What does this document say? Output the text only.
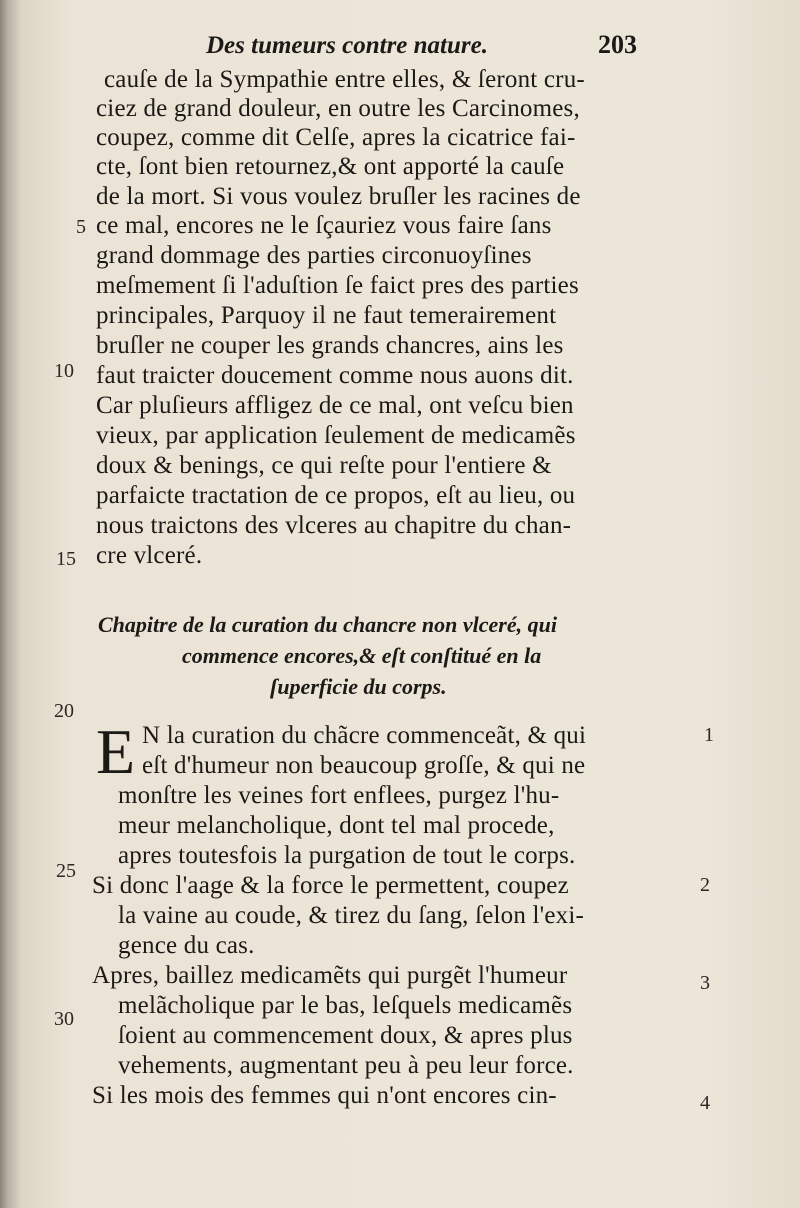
Des tumeurs contre nature.	203
cauſe de la Sympathie entre elles, & ſeront cru-
ciez de grand douleur, en outre les Carcinomes,
coupez, comme dit Celſe, apres la cicatrice fai-
cte, ſont bien retournez,& ont apporté la cauſe
de la mort. Si vous voulez bruſler les racines de
ce mal, encores ne le ſçauriez vous faire ſans
grand dommage des parties circonuoyſines
meſmement ſi l'aduſtion ſe faict pres des parties
principales, Parquoy il ne faut temerairement
bruſler ne couper les grands chancres, ains les
faut traicter doucement comme nous auons dit.
Car pluſieurs affligez de ce mal, ont veſcu bien
vieux, par application ſeulement de medicamẽs
doux & benings, ce qui reſte pour l'entiere &
parfaicte tractation de ce propos, eſt au lieu, ou
nous traictons des vlceres au chapitre du chan-
cre vlceré.
Chapitre de la curation du chancre non vlceré, qui
commence encores,& eſt conſtitué en la
ſuperficie du corps.
E N la curation du chãcre commenceãt, & qui
eſt d'humeur non beaucoup groſſe, & qui ne
monſtre les veines fort enflees, purgez l'hu-
meur melancholique, dont tel mal procede,
apres toutesfois la purgation de tout le corps.
Si donc l'aage & la force le permettent, coupez
la vaine au coude, & tirez du ſang, ſelon l'exi-
gence du cas.
Apres, baillez medicamẽts qui purgẽt l'humeur
melãcholique par le bas, leſquels medicamẽs
ſoient au commencement doux, & apres plus
vehements, augmentant peu à peu leur force.
Si les mois des femmes qui n'ont encores cin-
5
10
15
20
25
30
1
2
3
4
